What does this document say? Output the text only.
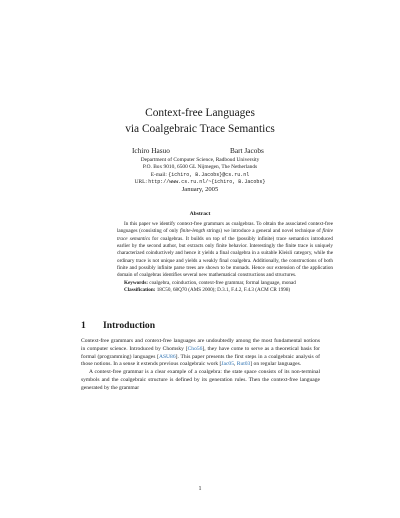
Context-free Languages
via Coalgebraic Trace Semantics
Ichiro Hasuo	Bart Jacobs
Department of Computer Science, Radboud University
P.O. Box 9010, 6500 GL Nijmegen, The Netherlands
E-mail: {ichiro, B.Jacobs}@cs.ru.nl
URL: http://www.cs.ru.nl/~{ichiro, B.Jacobs}
January, 2005
Abstract

In this paper we identify context-free grammars as coalgebras. To obtain the associated context-free languages (consisting of only finite-length strings) we introduce a general and novel technique of finite trace semantics for coalgebras. It builds on top of the (possibly infinite) trace semantics introduced earlier by the second author, but extracts only finite behavior. Interestingly the finite trace is uniquely characterized coinductively and hence it yields a final coalgebra in a suitable Kleisli category, while the ordinary trace is not unique and yields a weakly final coalgebra. Additionally, the constructions of both finite and possibly infinite parse trees are shown to be monads. Hence our extension of the application domain of coalgebras identifies several new mathematical constructions and structures.

Keywords: coalgebra, coinduction, context-free grammar, formal language, monad

Classification: 18C50, 68Q70 (AMS 2000); D.3.1, F.4.2, F.4.3 (ACM CR 1998)

1 Introduction

Context-free grammars and context-free languages are undoubtedly among the most fundamental notions in computer science. Introduced by Chomsky [Cho56], they have come to serve as a theoretical basis for formal (programming) languages [ASU86]. This paper presents the first steps in a coalgebraic analysis of those notions. In a sense it extends previous coalgebraic work [Jac05, Rut03] on regular languages.

A context-free grammar is a clear example of a coalgebra: the state space consists of its non-terminal symbols and the coalgebraic structure is defined by its generation rules. Then the context-free language generated by the grammar

1
